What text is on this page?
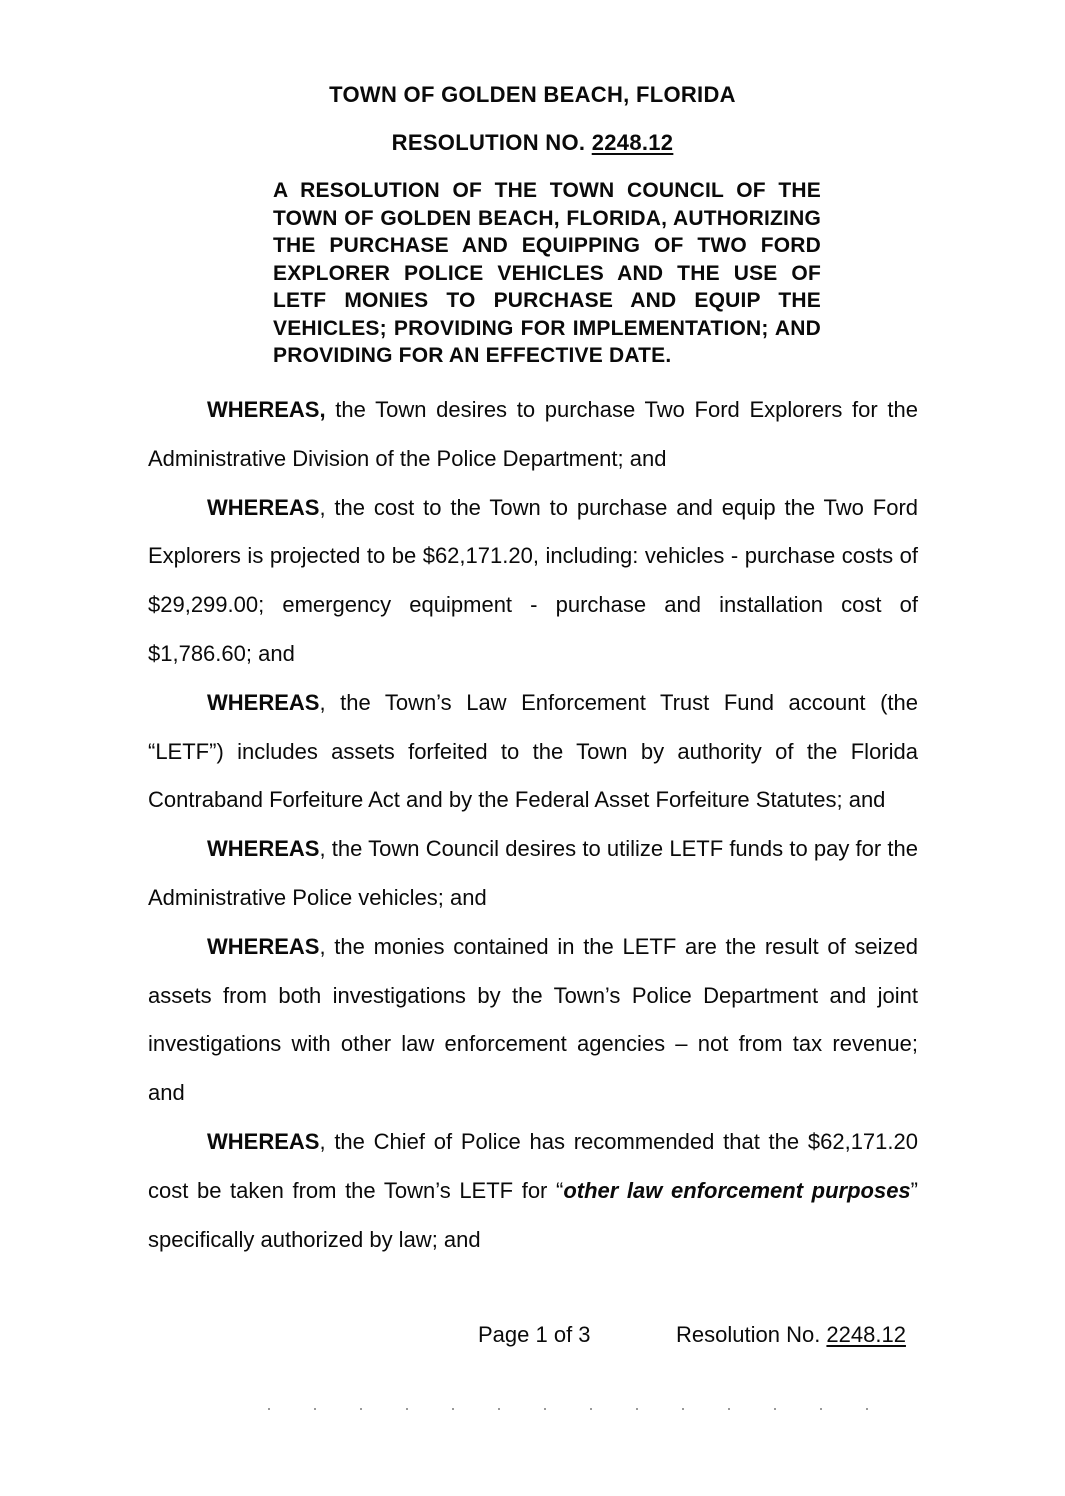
TOWN OF GOLDEN BEACH, FLORIDA
RESOLUTION NO. 2248.12
A RESOLUTION OF THE TOWN COUNCIL OF THE TOWN OF GOLDEN BEACH, FLORIDA, AUTHORIZING THE PURCHASE AND EQUIPPING OF TWO FORD EXPLORER POLICE VEHICLES AND THE USE OF LETF MONIES TO PURCHASE AND EQUIP THE VEHICLES; PROVIDING FOR IMPLEMENTATION; AND PROVIDING FOR AN EFFECTIVE DATE.

WHEREAS, the Town desires to purchase Two Ford Explorers for the Administrative Division of the Police Department; and

WHEREAS, the cost to the Town to purchase and equip the Two Ford Explorers is projected to be $62,171.20, including: vehicles - purchase costs of $29,299.00; emergency equipment - purchase and installation cost of $1,786.60; and

WHEREAS, the Town’s Law Enforcement Trust Fund account (the “LETF”) includes assets forfeited to the Town by authority of the Florida Contraband Forfeiture Act and by the Federal Asset Forfeiture Statutes; and

WHEREAS, the Town Council desires to utilize LETF funds to pay for the Administrative Police vehicles; and

WHEREAS, the monies contained in the LETF are the result of seized assets from both investigations by the Town’s Police Department and joint investigations with other law enforcement agencies – not from tax revenue; and

WHEREAS, the Chief of Police has recommended that the $62,171.20 cost be taken from the Town’s LETF for “other law enforcement purposes” specifically authorized by law; and

Page 1 of 3	Resolution No. 2248.12
